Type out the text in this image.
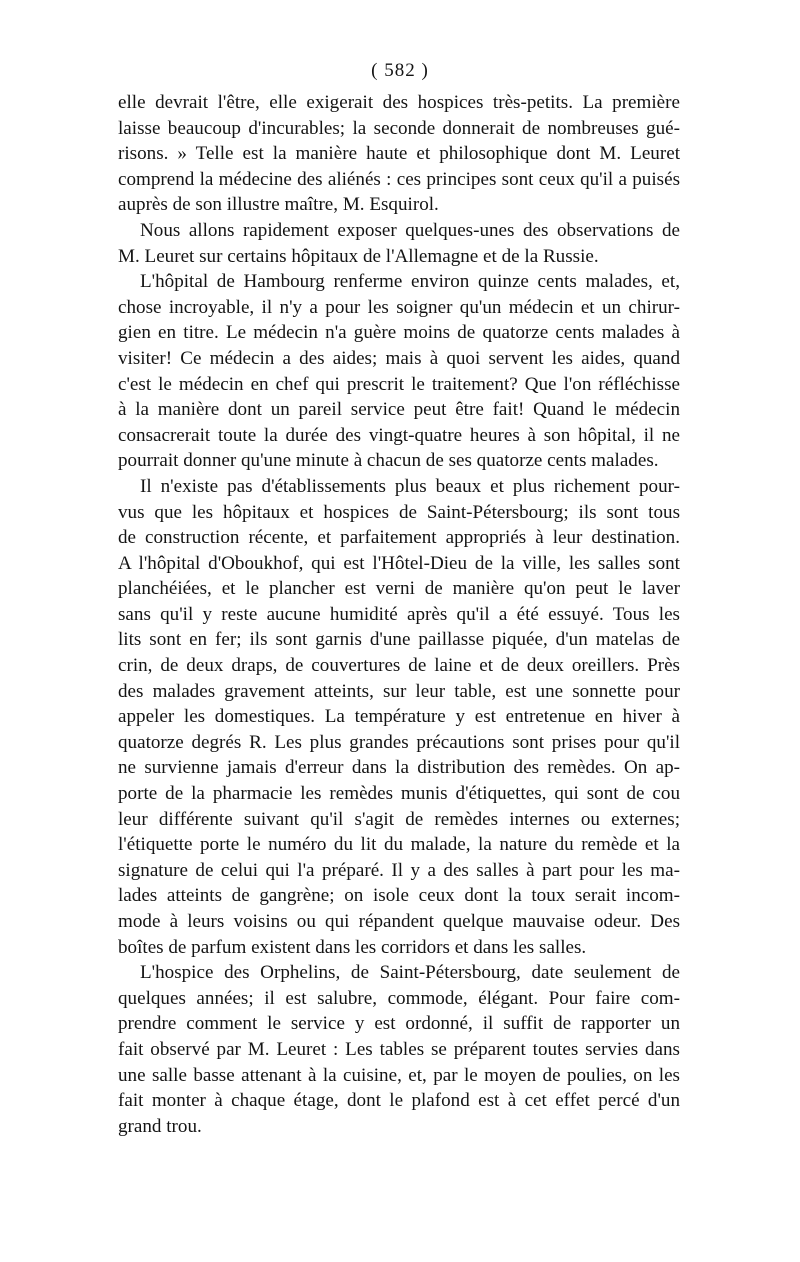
( 582 )
elle devrait l'être, elle exigerait des hospices très-petits. La première
laisse beaucoup d'incurables; la seconde donnerait de nombreuses gué-
risons. » Telle est la manière haute et philosophique dont M. Leuret
comprend la médecine des aliénés : ces principes sont ceux qu'il a puisés
auprès de son illustre maître, M. Esquirol.
Nous allons rapidement exposer quelques-unes des observations de
M. Leuret sur certains hôpitaux de l'Allemagne et de la Russie.
L'hôpital de Hambourg renferme environ quinze cents malades, et,
chose incroyable, il n'y a pour les soigner qu'un médecin et un chirur-
gien en titre. Le médecin n'a guère moins de quatorze cents malades à
visiter! Ce médecin a des aides; mais à quoi servent les aides, quand
c'est le médecin en chef qui prescrit le traitement? Que l'on réfléchisse
à la manière dont un pareil service peut être fait! Quand le médecin
consacrerait toute la durée des vingt-quatre heures à son hôpital, il ne
pourrait donner qu'une minute à chacun de ses quatorze cents malades.
Il n'existe pas d'établissements plus beaux et plus richement pour-
vus que les hôpitaux et hospices de Saint-Pétersbourg; ils sont tous
de construction récente, et parfaitement appropriés à leur destination.
A l'hôpital d'Oboukhof, qui est l'Hôtel-Dieu de la ville, les salles sont
planchéiées, et le plancher est verni de manière qu'on peut le laver
sans qu'il y reste aucune humidité après qu'il a été essuyé. Tous les
lits sont en fer; ils sont garnis d'une paillasse piquée, d'un matelas de
crin, de deux draps, de couvertures de laine et de deux oreillers. Près
des malades gravement atteints, sur leur table, est une sonnette pour
appeler les domestiques. La température y est entretenue en hiver à
quatorze degrés R. Les plus grandes précautions sont prises pour qu'il
ne survienne jamais d'erreur dans la distribution des remèdes. On ap-
porte de la pharmacie les remèdes munis d'étiquettes, qui sont de cou
leur différente suivant qu'il s'agit de remèdes internes ou externes;
l'étiquette porte le numéro du lit du malade, la nature du remède et la
signature de celui qui l'a préparé. Il y a des salles à part pour les ma-
lades atteints de gangrène; on isole ceux dont la toux serait incom-
mode à leurs voisins ou qui répandent quelque mauvaise odeur. Des
boîtes de parfum existent dans les corridors et dans les salles.
L'hospice des Orphelins, de Saint-Pétersbourg, date seulement de
quelques années; il est salubre, commode, élégant. Pour faire com-
prendre comment le service y est ordonné, il suffit de rapporter un
fait observé par M. Leuret : Les tables se préparent toutes servies dans
une salle basse attenant à la cuisine, et, par le moyen de poulies, on les
fait monter à chaque étage, dont le plafond est à cet effet percé d'un
grand trou.
